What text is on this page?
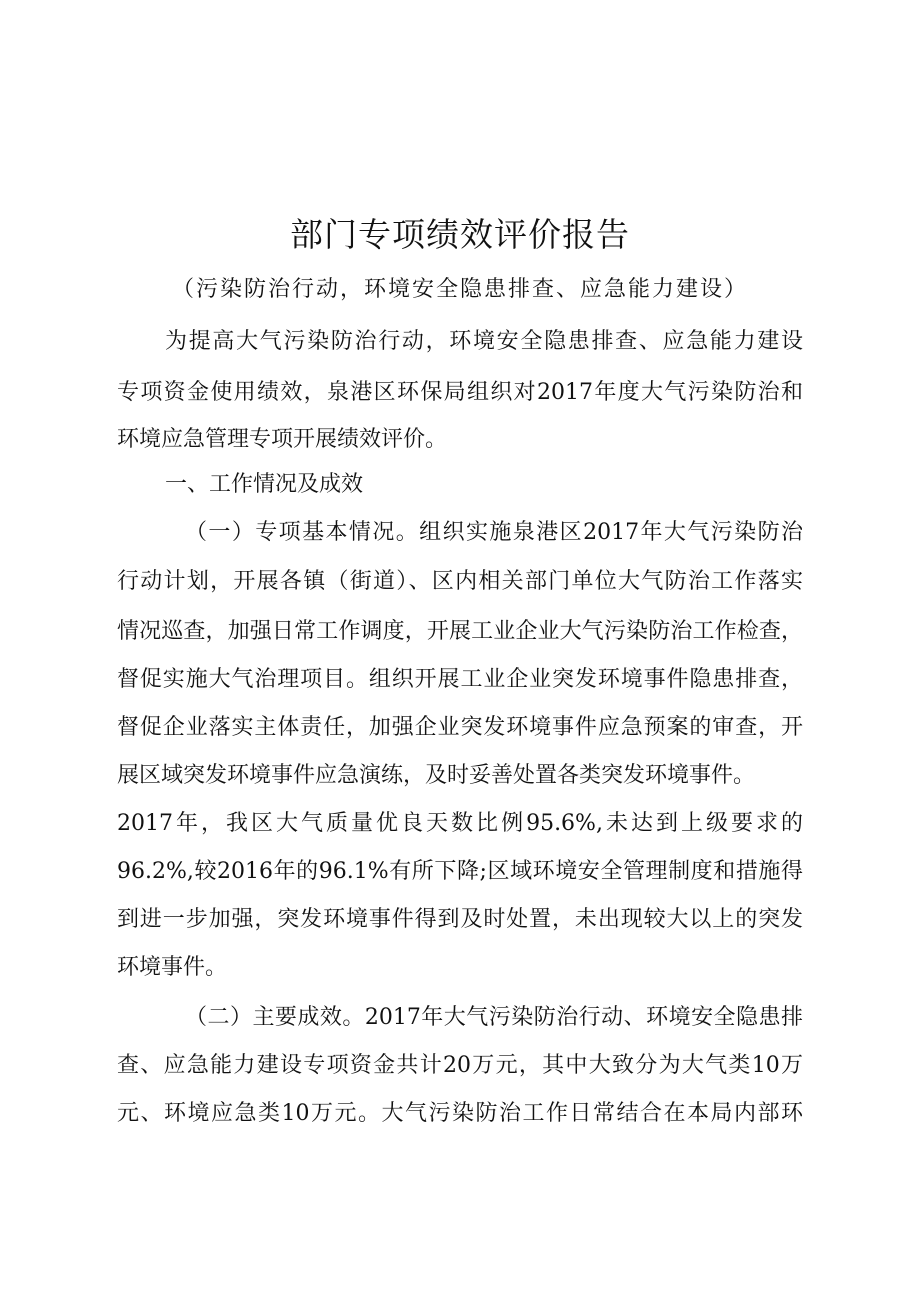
部门专项绩效评价报告
（污染防治行动，环境安全隐患排查、应急能力建设）
为提高大气污染防治行动，环境安全隐患排查、应急能力建设
专项资金使用绩效，泉港区环保局组织对2017年度大气污染防治和
环境应急管理专项开展绩效评价。
一、工作情况及成效
（一）专项基本情况。组织实施泉港区2017年大气污染防治
行动计划，开展各镇（街道）、区内相关部门单位大气防治工作落实
情况巡查，加强日常工作调度，开展工业企业大气污染防治工作检查，
督促实施大气治理项目。组织开展工业企业突发环境事件隐患排查，
督促企业落实主体责任，加强企业突发环境事件应急预案的审查，开
展区域突发环境事件应急演练，及时妥善处置各类突发环境事件。
2017年，我区大气质量优良天数比例95.6%,未达到上级要求的
96.2%,较2016年的96.1%有所下降;区域环境安全管理制度和措施得
到进一步加强，突发环境事件得到及时处置，未出现较大以上的突发
环境事件。
（二）主要成效。2017年大气污染防治行动、环境安全隐患排
查、应急能力建设专项资金共计20万元，其中大致分为大气类10万
元、环境应急类10万元。大气污染防治工作日常结合在本局内部环
